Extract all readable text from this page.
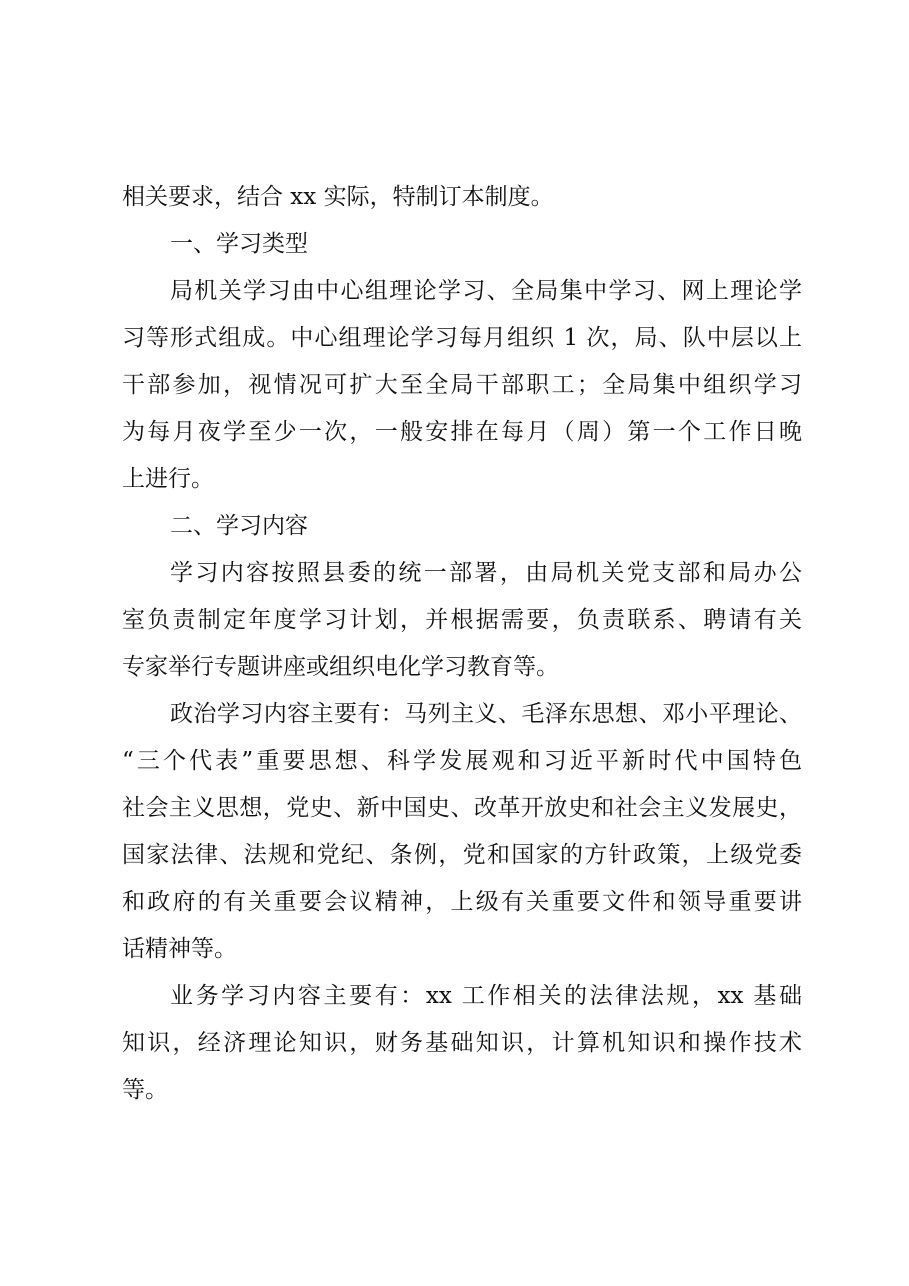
相关要求，结合 xx 实际，特制订本制度。
一、学习类型
局机关学习由中心组理论学习、全局集中学习、网上理论学
习等形式组成。中心组理论学习每月组织 1 次，局、队中层以上
干部参加，视情况可扩大至全局干部职工；全局集中组织学习
为每月夜学至少一次，一般安排在每月（周）第一个工作日晚
上进行。
二、学习内容
学习内容按照县委的统一部署，由局机关党支部和局办公
室负责制定年度学习计划，并根据需要，负责联系、聘请有关
专家举行专题讲座或组织电化学习教育等。
政治学习内容主要有：马列主义、毛泽东思想、邓小平理论、
“三个代表”重要思想、科学发展观和习近平新时代中国特色
社会主义思想，党史、新中国史、改革开放史和社会主义发展史，
国家法律、法规和党纪、条例，党和国家的方针政策，上级党委
和政府的有关重要会议精神，上级有关重要文件和领导重要讲
话精神等。
业务学习内容主要有：xx 工作相关的法律法规，xx 基础
知识，经济理论知识，财务基础知识，计算机知识和操作技术
等。
